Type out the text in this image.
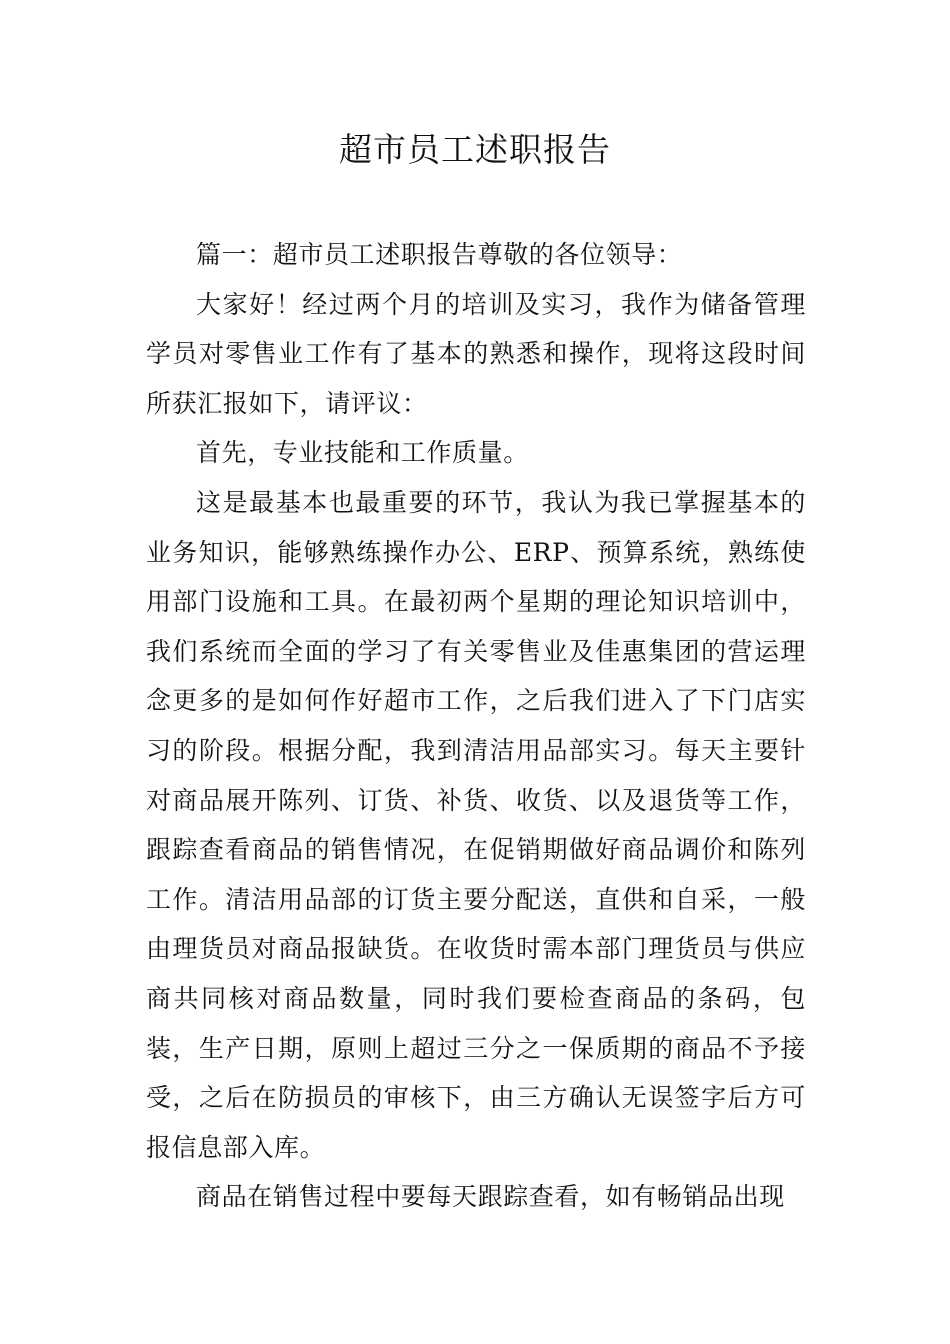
超市员工述职报告

篇一：超市员工述职报告尊敬的各位领导：

大家好！经过两个月的培训及实习，我作为储备管理学员对零售业工作有了基本的熟悉和操作，现将这段时间所获汇报如下，请评议：

首先，专业技能和工作质量。

这是最基本也最重要的环节，我认为我已掌握基本的业务知识，能够熟练操作办公、ERP、预算系统，熟练使用部门设施和工具。在最初两个星期的理论知识培训中，我们系统而全面的学习了有关零售业及佳惠集团的营运理念更多的是如何作好超市工作，之后我们进入了下门店实习的阶段。根据分配，我到清洁用品部实习。每天主要针对商品展开陈列、订货、补货、收货、以及退货等工作，跟踪查看商品的销售情况，在促销期做好商品调价和陈列工作。清洁用品部的订货主要分配送，直供和自采，一般由理货员对商品报缺货。在收货时需本部门理货员与供应商共同核对商品数量，同时我们要检查商品的条码，包装，生产日期，原则上超过三分之一保质期的商品不予接受，之后在防损员的审核下，由三方确认无误签字后方可报信息部入库。

商品在销售过程中要每天跟踪查看，如有畅销品出现
